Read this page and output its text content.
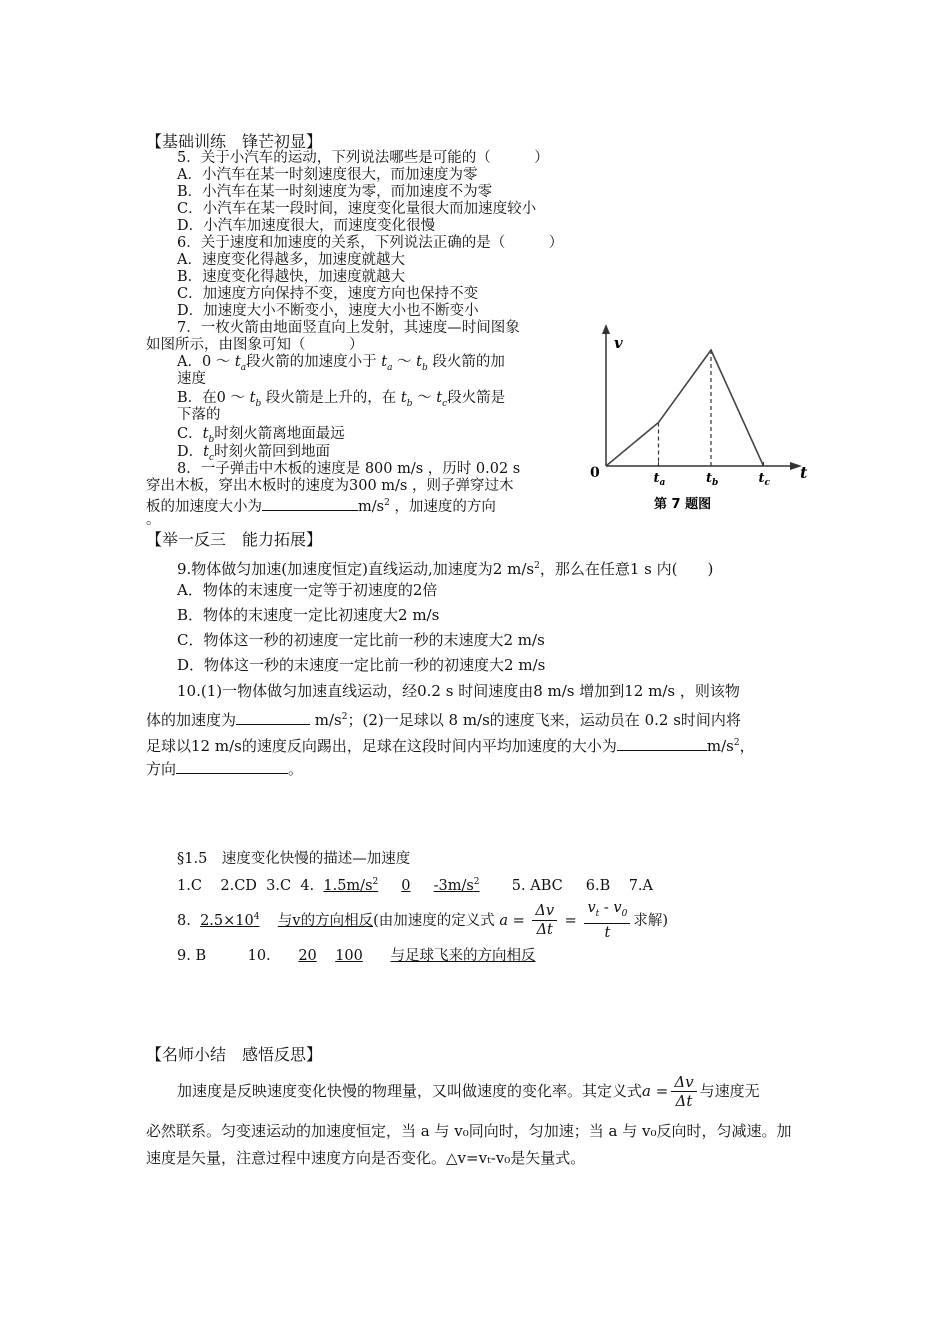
【基础训练　锋芒初显】
5．关于小汽车的运动，下列说法哪些是可能的（　　　）
A．小汽车在某一时刻速度很大，而加速度为零
B．小汽车在某一时刻速度为零，而加速度不为零
C．小汽车在某一段时间，速度变化量很大而加速度较小
D．小汽车加速度很大，而速度变化很慢
6．关于速度和加速度的关系，下列说法正确的是（　　　）
A．速度变化得越多，加速度就越大
B．速度变化得越快，加速度就越大
C．加速度方向保持不变，速度方向也保持不变
D．加速度大小不断变小，速度大小也不断变小
7．一枚火箭由地面竖直向上发射，其速度—时间图象
如图所示，由图象可知（　　　）
A．0 ～ $t_a$段火箭的加速度小于 $t_a$ ～ $t_b$ 段火箭的加
速度
B．在0 ～ $t_b$ 段火箭是上升的，在 $t_b$ ～ $t_c$段火箭是
下落的
C．$t_b$时刻火箭离地面最远
D．$t_c$时刻火箭回到地面
8．一子弹击中木板的速度是 800 m/s ，历时 0.02 s
穿出木板，穿出木板时的速度为300 m/s ，则子弹穿过木
板的加速度大小为	$m/s^2$ ，加速度的方向
。
$t_a$	$t_b$	$t_c$
v
t
0
第 7 题图
【举一反三　能力拓展】
9.物体做匀加速(加速度恒定)直线运动,加速度为2 $m/s^2$，那么在任意1 s 内(　　)
A．物体的末速度一定等于初速度的2倍
B．物体的末速度一定比初速度大2 m/s
C．物体这一秒的初速度一定比前一秒的末速度大2 m/s
D．物体这一秒的末速度一定比前一秒的初速度大2 m/s
10.(1)一物体做匀加速直线运动，经0.2 s 时间速度由8 m/s 增加到12 m/s ，则该物
体的加速度为	$m/s^2$；(2)一足球以 8 m/s的速度飞来，运动员在 0.2 s时间内将
足球以12 m/s的速度反向踢出，足球在这段时间内平均加速度的大小为	$m/s^2$，
方向	。
§1.5　速度变化快慢的描述—加速度
1.C 2.CD 3.C 4. $1.5m/s^2$ 0 $-3m/s^2$ 5. ABC 6.B 7.A
8. $2.5\times 10^4$ 与v的方向相反(由加速度的定义式 $a = \frac{\Delta v}{\Delta t} = \frac{v_t - v_0}{t}$ 求解)
9. B	10. 20 100 与足球飞来的方向相反
【名师小结　感悟反思】
加速度是反映速度变化快慢的物理量，又叫做速度的变化率。其定义式$a = \frac{\Delta v}{\Delta t}$ 与速度无
必然联系。匀变速运动的加速度恒定，当 a 与 v₀同向时，匀加速；当 a 与 v₀反向时，匀减速。加
速度是矢量，注意过程中速度方向是否变化。△v=vₜ-v₀是矢量式。
